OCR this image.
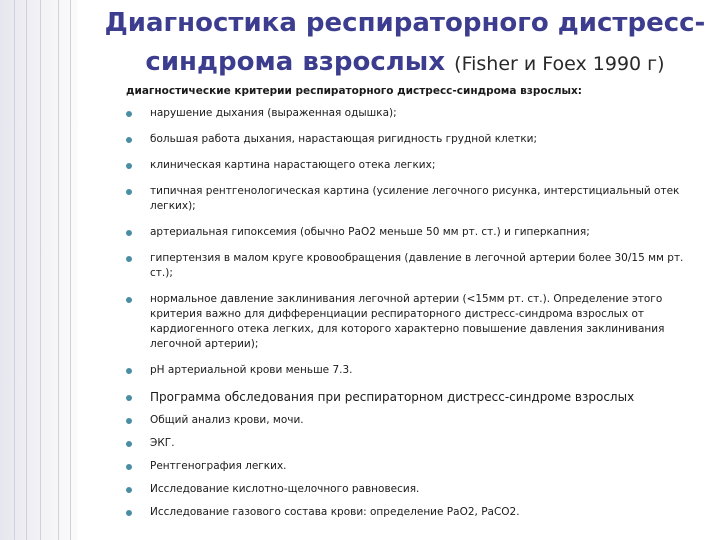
Диагностика респираторного дистресс-синдрома взрослых (Fisher и Foex 1990 г)
диагностические критерии респираторного дистресс-синдрома взрослых:
нарушение дыхания (выраженная одышка);
большая работа дыхания, нарастающая ригидность грудной клетки;
клиническая картина нарастающего отека легких;
типичная рентгенологическая картина (усиление легочного рисунка, интерстициальный отек легких);
артериальная гипоксемия (обычно РаО2 меньше 50 мм рт. ст.) и гиперкапния;
гипертензия в малом круге кровообращения (давление в легочной артерии более 30/15 мм рт. ст.);
нормальное давление заклинивания легочной артерии (<15мм рт. ст.). Определение этого критерия важно для дифференциации респираторного дистресс-синдрома взрослых от кардиогенного отека легких, для которого характерно повышение давления заклинивания легочной артерии);
рН артериальной крови меньше 7.3.
Программа обследования при респираторном дистресс-синдроме взрослых
Общий анализ крови, мочи.
ЭКГ.
Рентгенография легких.
Исследование кислотно-щелочного равновесия.
Исследование газового состава крови: определение РаО2, РаСО2.
